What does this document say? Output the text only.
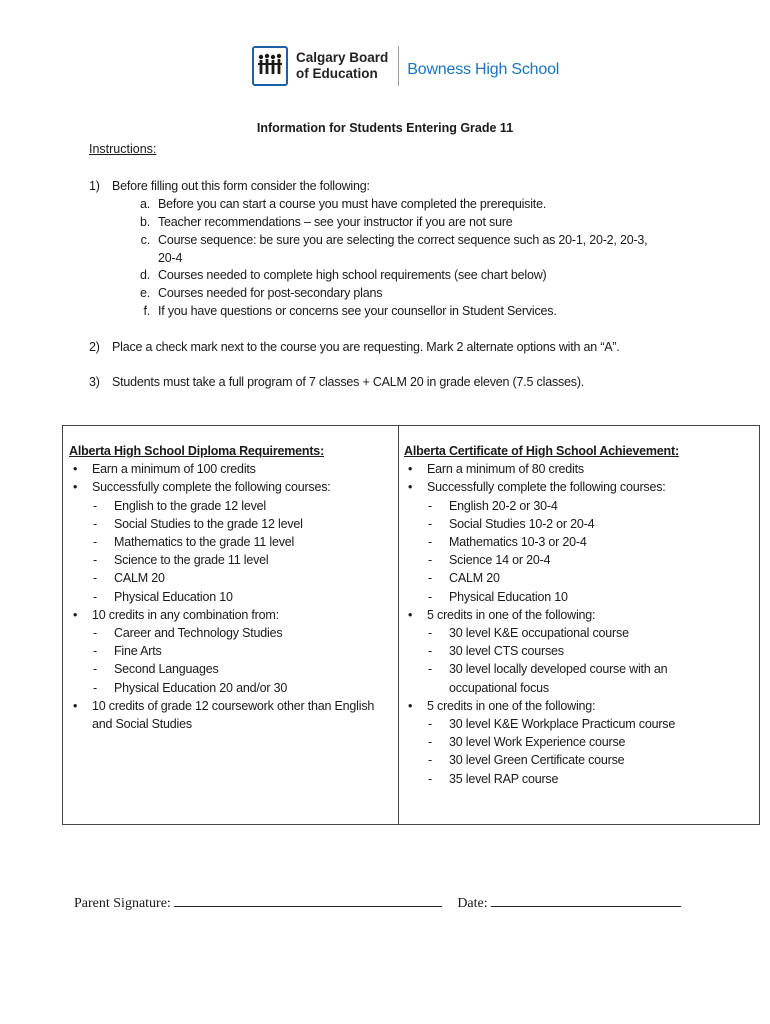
Calgary Board
of Education	Bowness High School
Information for Students Entering Grade 11
Instructions:
1) Before filling out this form consider the following:
a. Before you can start a course you must have completed the prerequisite.
b. Teacher recommendations – see your instructor if you are not sure
c. Course sequence: be sure you are selecting the correct sequence such as 20-1, 20-2, 20-3,
20-4
d. Courses needed to complete high school requirements (see chart below)
e. Courses needed for post-secondary plans
f. If you have questions or concerns see your counsellor in Student Services.
2) Place a check mark next to the course you are requesting. Mark 2 alternate options with an “A”.
3) Students must take a full program of 7 classes + CALM 20 in grade eleven (7.5 classes).
Alberta High School Diploma Requirements:
• Earn a minimum of 100 credits
• Successfully complete the following courses:
- English to the grade 12 level
- Social Studies to the grade 12 level
- Mathematics to the grade 11 level
- Science to the grade 11 level
- CALM 20
- Physical Education 10
• 10 credits in any combination from:
- Career and Technology Studies
- Fine Arts
- Second Languages
- Physical Education 20 and/or 30
• 10 credits of grade 12 coursework other than English and Social Studies
Alberta Certificate of High School Achievement:
• Earn a minimum of 80 credits
• Successfully complete the following courses:
- English 20-2 or 30-4
- Social Studies 10-2 or 20-4
- Mathematics 10-3 or 20-4
- Science 14 or 20-4
- CALM 20
- Physical Education 10
• 5 credits in one of the following:
- 30 level K&E occupational course
- 30 level CTS courses
- 30 level locally developed course with an occupational focus
• 5 credits in one of the following:
- 30 level K&E Workplace Practicum course
- 30 level Work Experience course
- 30 level Green Certificate course
- 35 level RAP course
Parent Signature:	Date:
